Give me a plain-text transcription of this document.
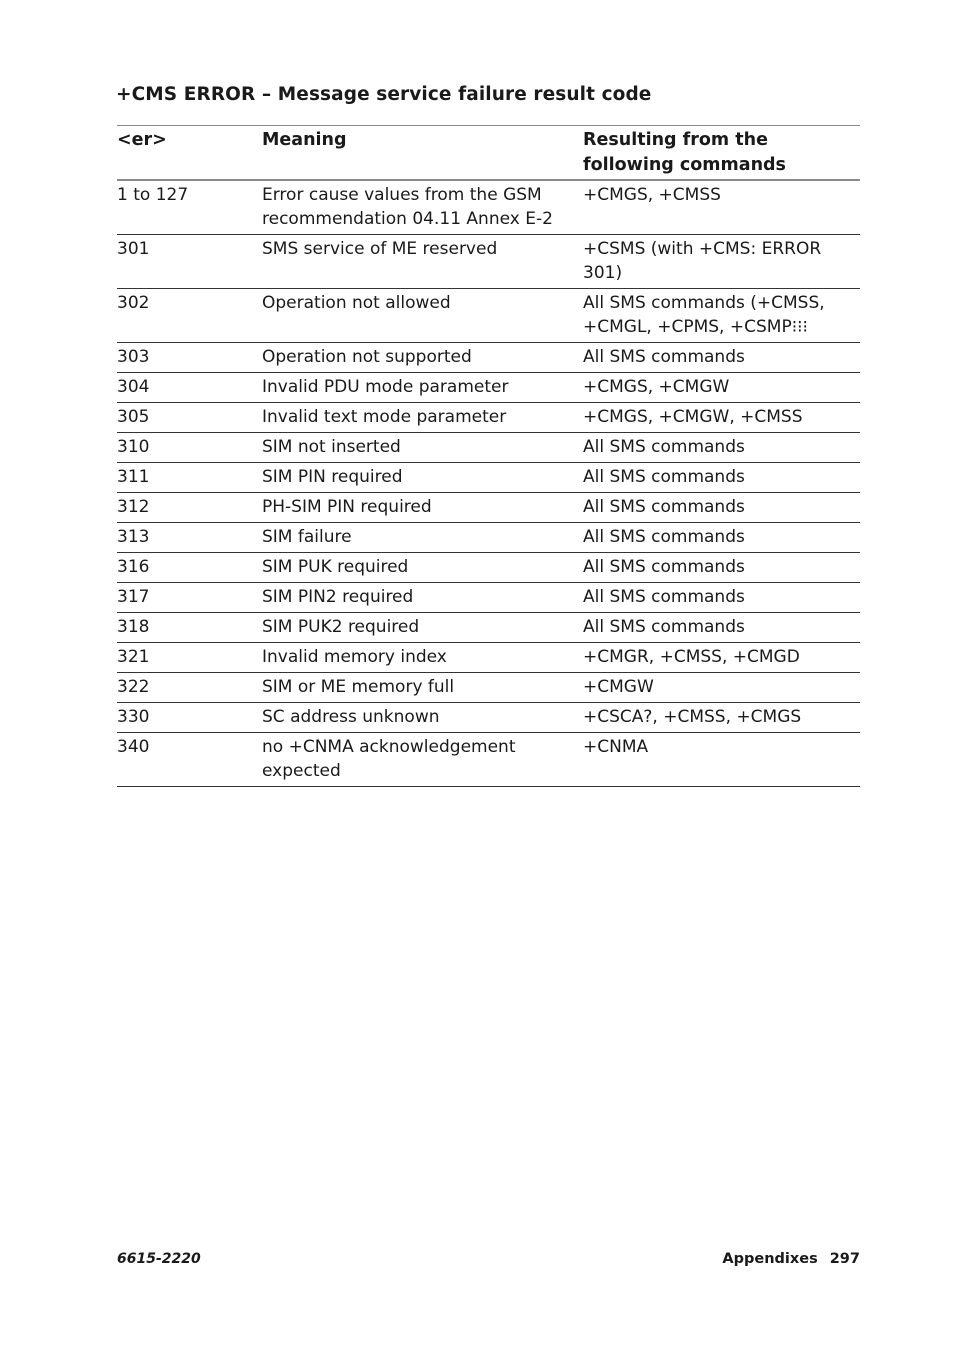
+CMS ERROR – Message service failure result code
<er>	Meaning	Resulting from the following commands
1 to 127	Error cause values from the GSM recommendation 04.11 Annex E-2	+CMGS, +CMSS
301	SMS service of ME reserved	+CSMS (with +CMS: ERROR 301)
302	Operation not allowed	All SMS commands (+CMSS, +CMGL, +CPMS, +CSMP⁝⁝⁝
303	Operation not supported	All SMS commands
304	Invalid PDU mode parameter	+CMGS, +CMGW
305	Invalid text mode parameter	+CMGS, +CMGW, +CMSS
310	SIM not inserted	All SMS commands
311	SIM PIN required	All SMS commands
312	PH-SIM PIN required	All SMS commands
313	SIM failure	All SMS commands
316	SIM PUK required	All SMS commands
317	SIM PIN2 required	All SMS commands
318	SIM PUK2 required	All SMS commands
321	Invalid memory index	+CMGR, +CMSS, +CMGD
322	SIM or ME memory full	+CMGW
330	SC address unknown	+CSCA?, +CMSS, +CMGS
340	no +CNMA acknowledgement expected	+CNMA
6615-2220	Appendixes 297
